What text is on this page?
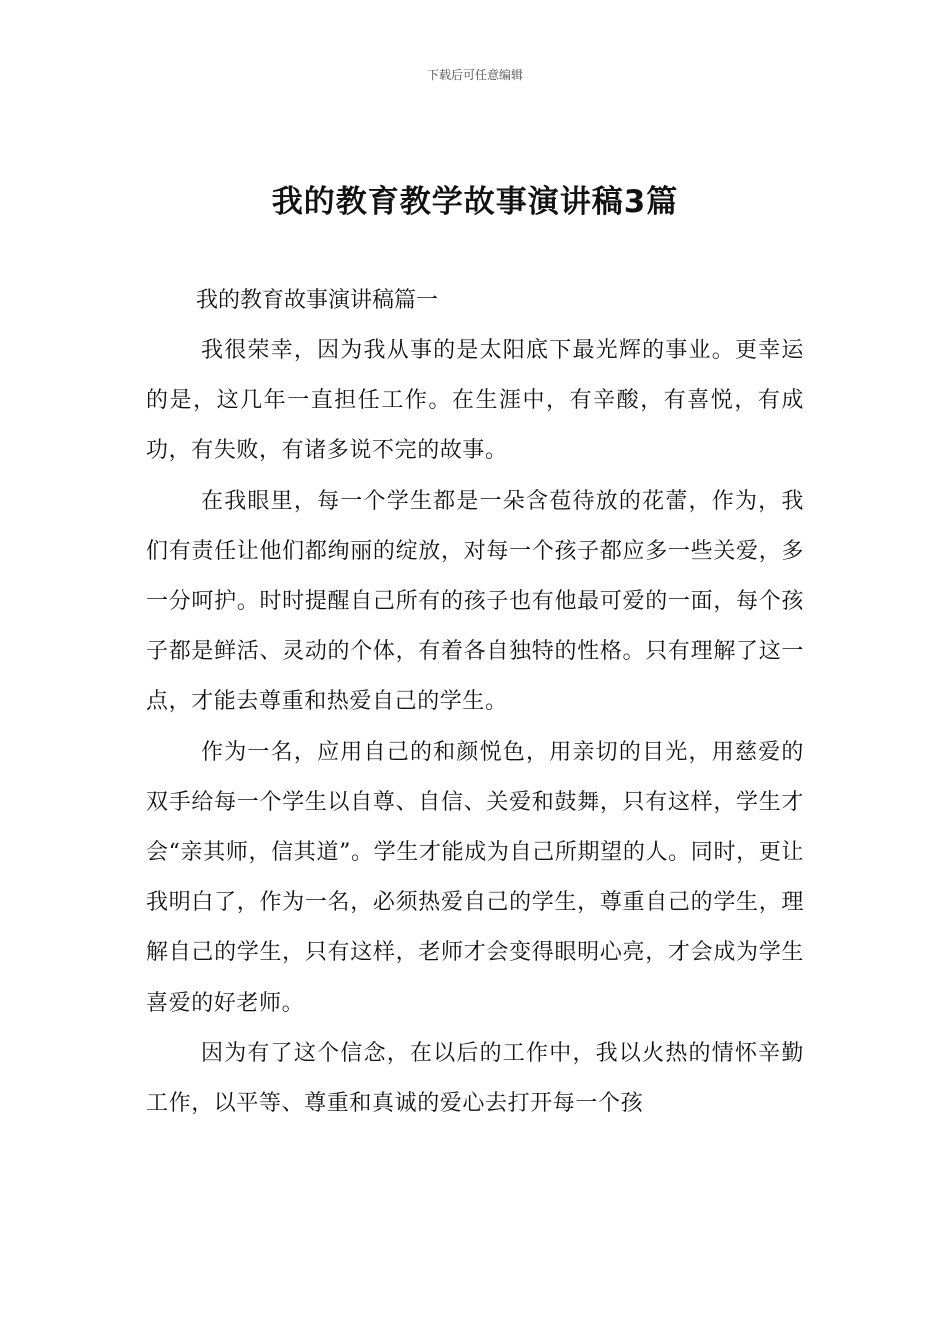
下载后可任意编辑
我的教育教学故事演讲稿3篇

我的教育故事演讲稿篇一

我很荣幸，因为我从事的是太阳底下最光辉的事业。更幸运的是，这几年一直担任工作。在生涯中，有辛酸，有喜悦，有成功，有失败，有诸多说不完的故事。

在我眼里，每一个学生都是一朵含苞待放的花蕾，作为，我们有责任让他们都绚丽的绽放，对每一个孩子都应多一些关爱，多一分呵护。时时提醒自己所有的孩子也有他最可爱的一面，每个孩子都是鲜活、灵动的个体，有着各自独特的性格。只有理解了这一点，才能去尊重和热爱自己的学生。

作为一名，应用自己的和颜悦色，用亲切的目光，用慈爱的双手给每一个学生以自尊、自信、关爱和鼓舞，只有这样，学生才会“亲其师，信其道”。学生才能成为自己所期望的人。同时，更让我明白了，作为一名，必须热爱自己的学生，尊重自己的学生，理解自己的学生，只有这样，老师才会变得眼明心亮，才会成为学生喜爱的好老师。

因为有了这个信念，在以后的工作中，我以火热的情怀辛勤工作，以平等、尊重和真诚的爱心去打开每一个孩
